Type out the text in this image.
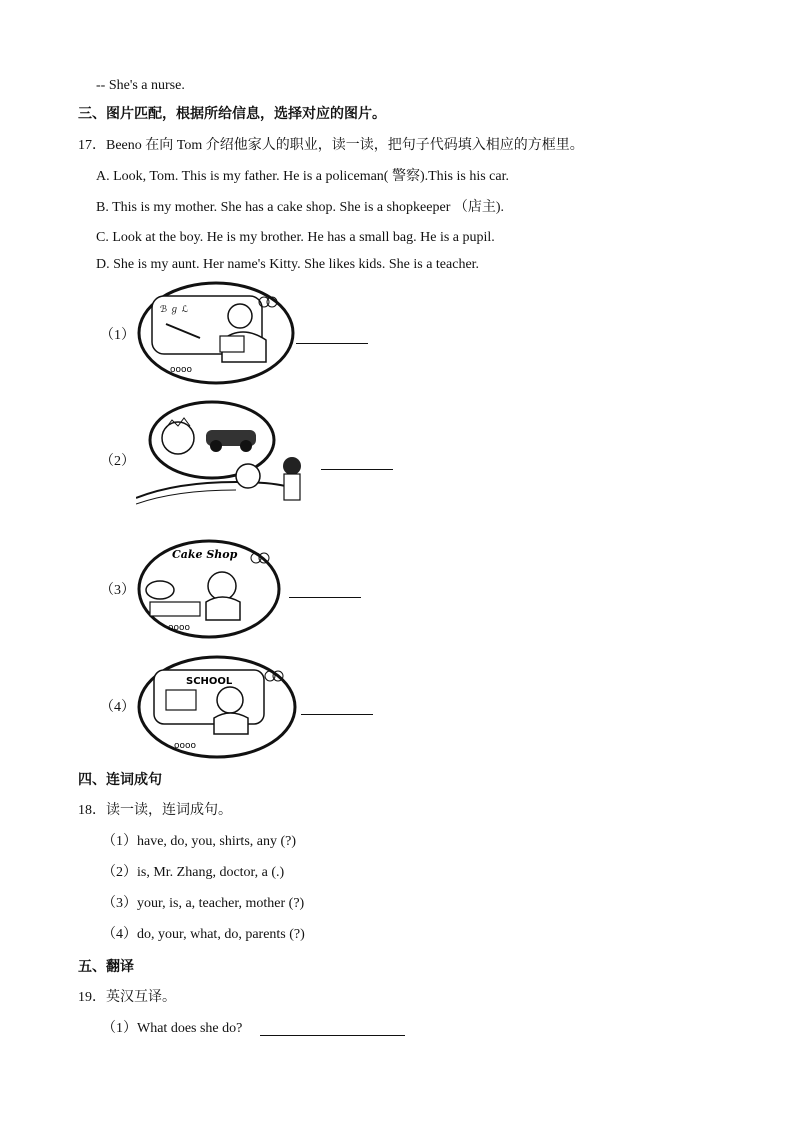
-- She's a nurse.
三、图片匹配，根据所给信息，选择对应的图片。
17．Beeno 在向 Tom 介绍他家人的职业，读一读，把句子代码填入相应的方框里。
A. Look, Tom. This is my father. He is a policeman( 警察).This is his car.
B. This is my mother. She has a cake shop. She is a shopkeeper （店主).
C. Look at the boy. He is my brother. He has a small bag. He is a pupil.
D. She is my aunt. Her name's Kitty. She likes kids. She is a teacher.
（1）
ℬ ℊ ℒ
oooo
（2）
（3）
Cake Shop
oooo
（4）
SCHOOL
oooo
四、连词成句
18．读一读，连词成句。
（1）have, do, you, shirts, any (?)
（2）is, Mr. Zhang, doctor, a (.)
（3）your, is, a, teacher, mother (?)
（4）do, your, what, do, parents (?)
五、翻译
19．英汉互译。
（1）What does she do?
